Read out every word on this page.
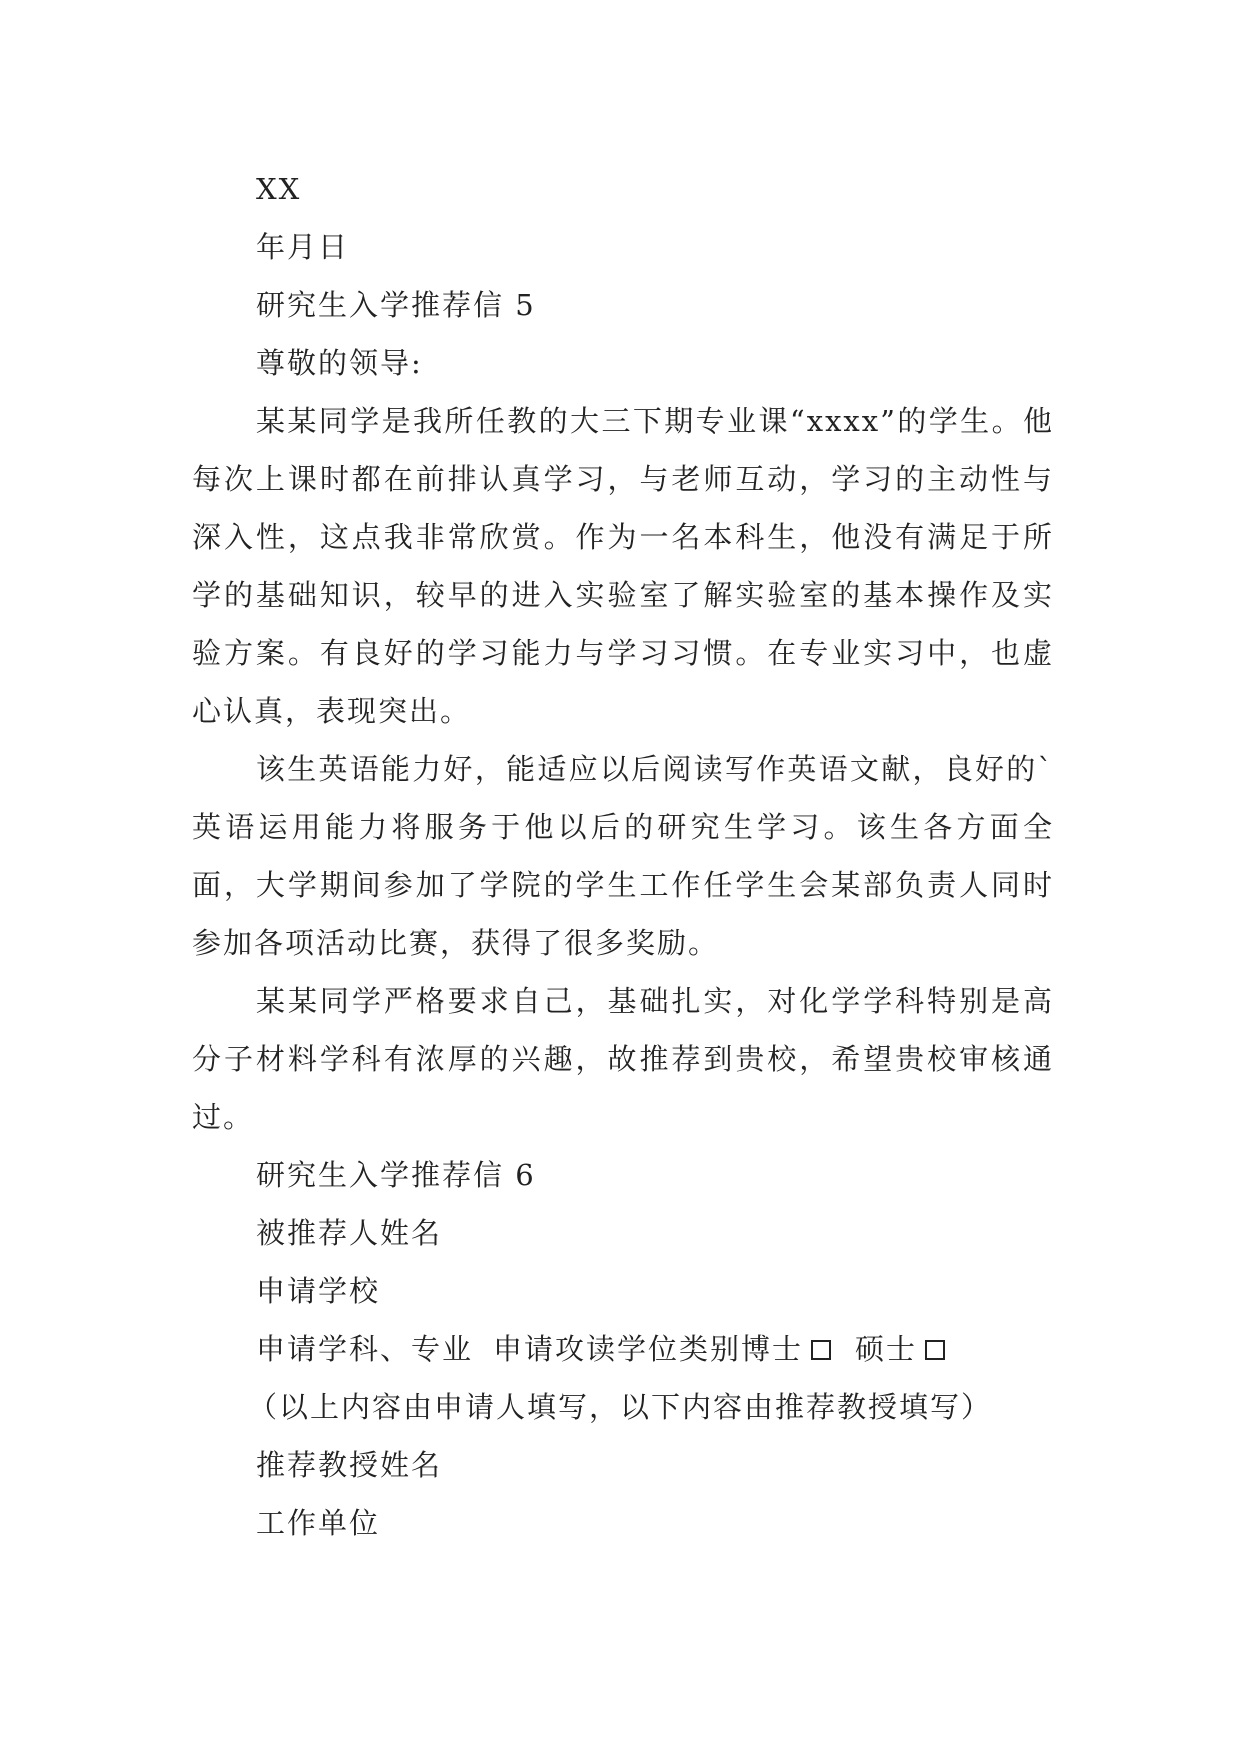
XX

年月日

研究生入学推荐信 5

尊敬的领导:

某某同学是我所任教的大三下期专业课“xxxx”的学生。他每次上课时都在前排认真学习，与老师互动，学习的主动性与深入性，这点我非常欣赏。作为一名本科生，他没有满足于所学的基础知识，较早的进入实验室了解实验室的基本操作及实验方案。有良好的学习能力与学习习惯。在专业实习中，也虚心认真，表现突出。

该生英语能力好，能适应以后阅读写作英语文献，良好的`英语运用能力将服务于他以后的研究生学习。该生各方面全面，大学期间参加了学院的学生工作任学生会某部负责人同时参加各项活动比赛，获得了很多奖励。

某某同学严格要求自己，基础扎实，对化学学科特别是高分子材料学科有浓厚的兴趣，故推荐到贵校，希望贵校审核通过。

研究生入学推荐信 6

被推荐人姓名

申请学校

申请学科、专业 申请攻读学位类别博士 硕士

（以上内容由申请人填写，以下内容由推荐教授填写）

推荐教授姓名

工作单位
